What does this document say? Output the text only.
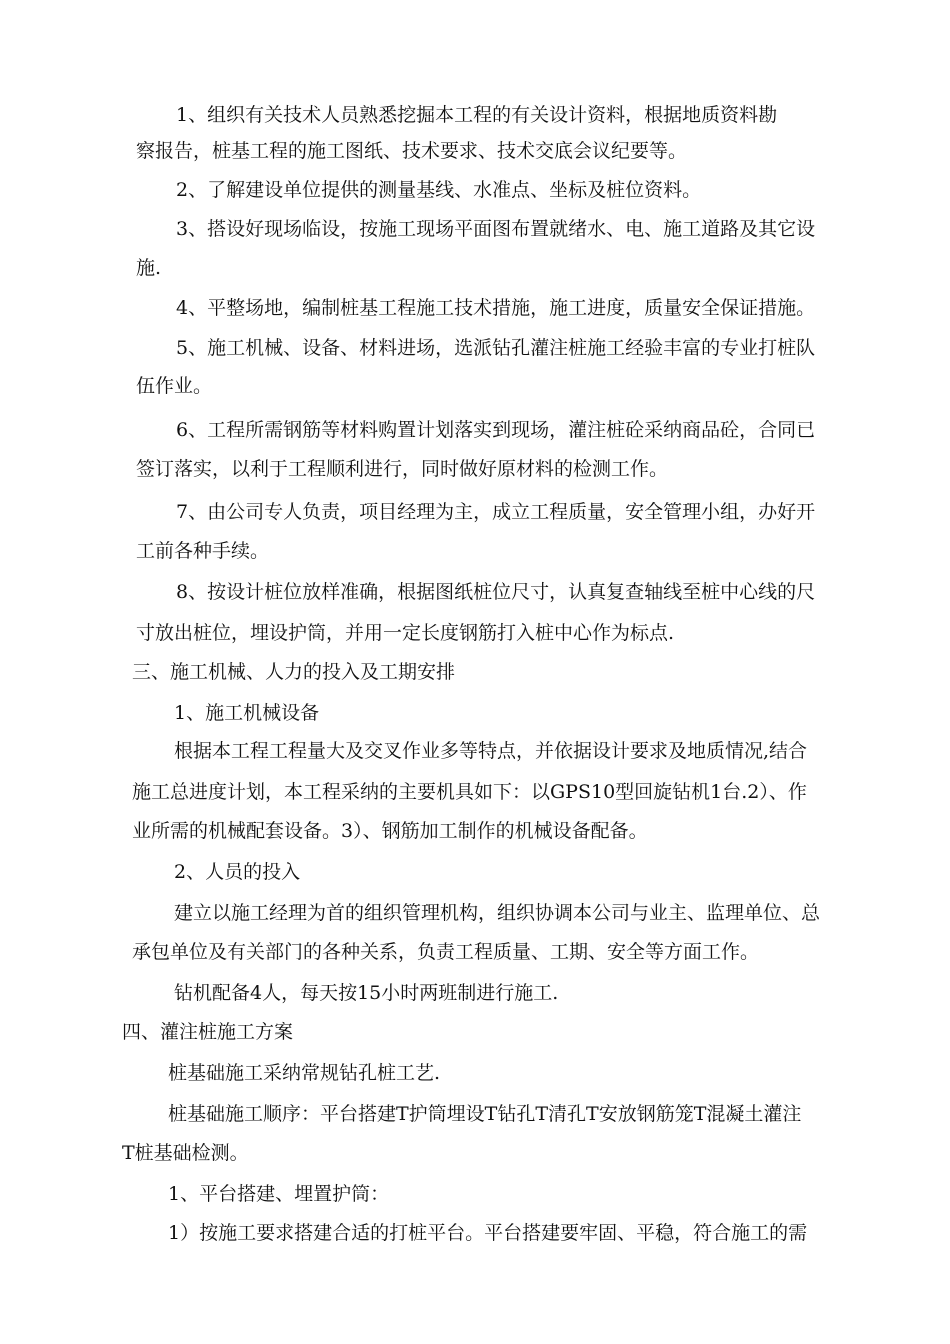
1、组织有关技术人员熟悉挖掘本工程的有关设计资料，根据地质资料勘

察报告，桩基工程的施工图纸、技术要求、技术交底会议纪要等。

2、了解建设单位提供的测量基线、水准点、坐标及桩位资料。

3、搭设好现场临设，按施工现场平面图布置就绪水、电、施工道路及其它设

施.

4、平整场地，编制桩基工程施工技术措施，施工进度，质量安全保证措施。

5、施工机械、设备、材料进场，选派钻孔灌注桩施工经验丰富的专业打桩队

伍作业。

6、工程所需钢筋等材料购置计划落实到现场，灌注桩砼采纳商品砼，合同已

签订落实，以利于工程顺利进行，同时做好原材料的检测工作。

7、由公司专人负责，项目经理为主，成立工程质量，安全管理小组，办好开

工前各种手续。

8、按设计桩位放样准确，根据图纸桩位尺寸，认真复查轴线至桩中心线的尺

寸放出桩位，埋设护筒，并用一定长度钢筋打入桩中心作为标点.

三、施工机械、人力的投入及工期安排

1、施工机械设备

根据本工程工程量大及交叉作业多等特点，并依据设计要求及地质情况,结合

施工总进度计划，本工程采纳的主要机具如下：以GPS10型回旋钻机1台.2）、作

业所需的机械配套设备。3）、钢筋加工制作的机械设备配备。

2、人员的投入

建立以施工经理为首的组织管理机构，组织协调本公司与业主、监理单位、总

承包单位及有关部门的各种关系，负责工程质量、工期、安全等方面工作。

钻机配备4人，每天按15小时两班制进行施工.

四、灌注桩施工方案

桩基础施工采纳常规钻孔桩工艺.

桩基础施工顺序：平台搭建T护筒埋设T钻孔T清孔T安放钢筋笼T混凝土灌注

T桩基础检测。

1、平台搭建、埋置护筒：

1）按施工要求搭建合适的打桩平台。平台搭建要牢固、平稳，符合施工的需
